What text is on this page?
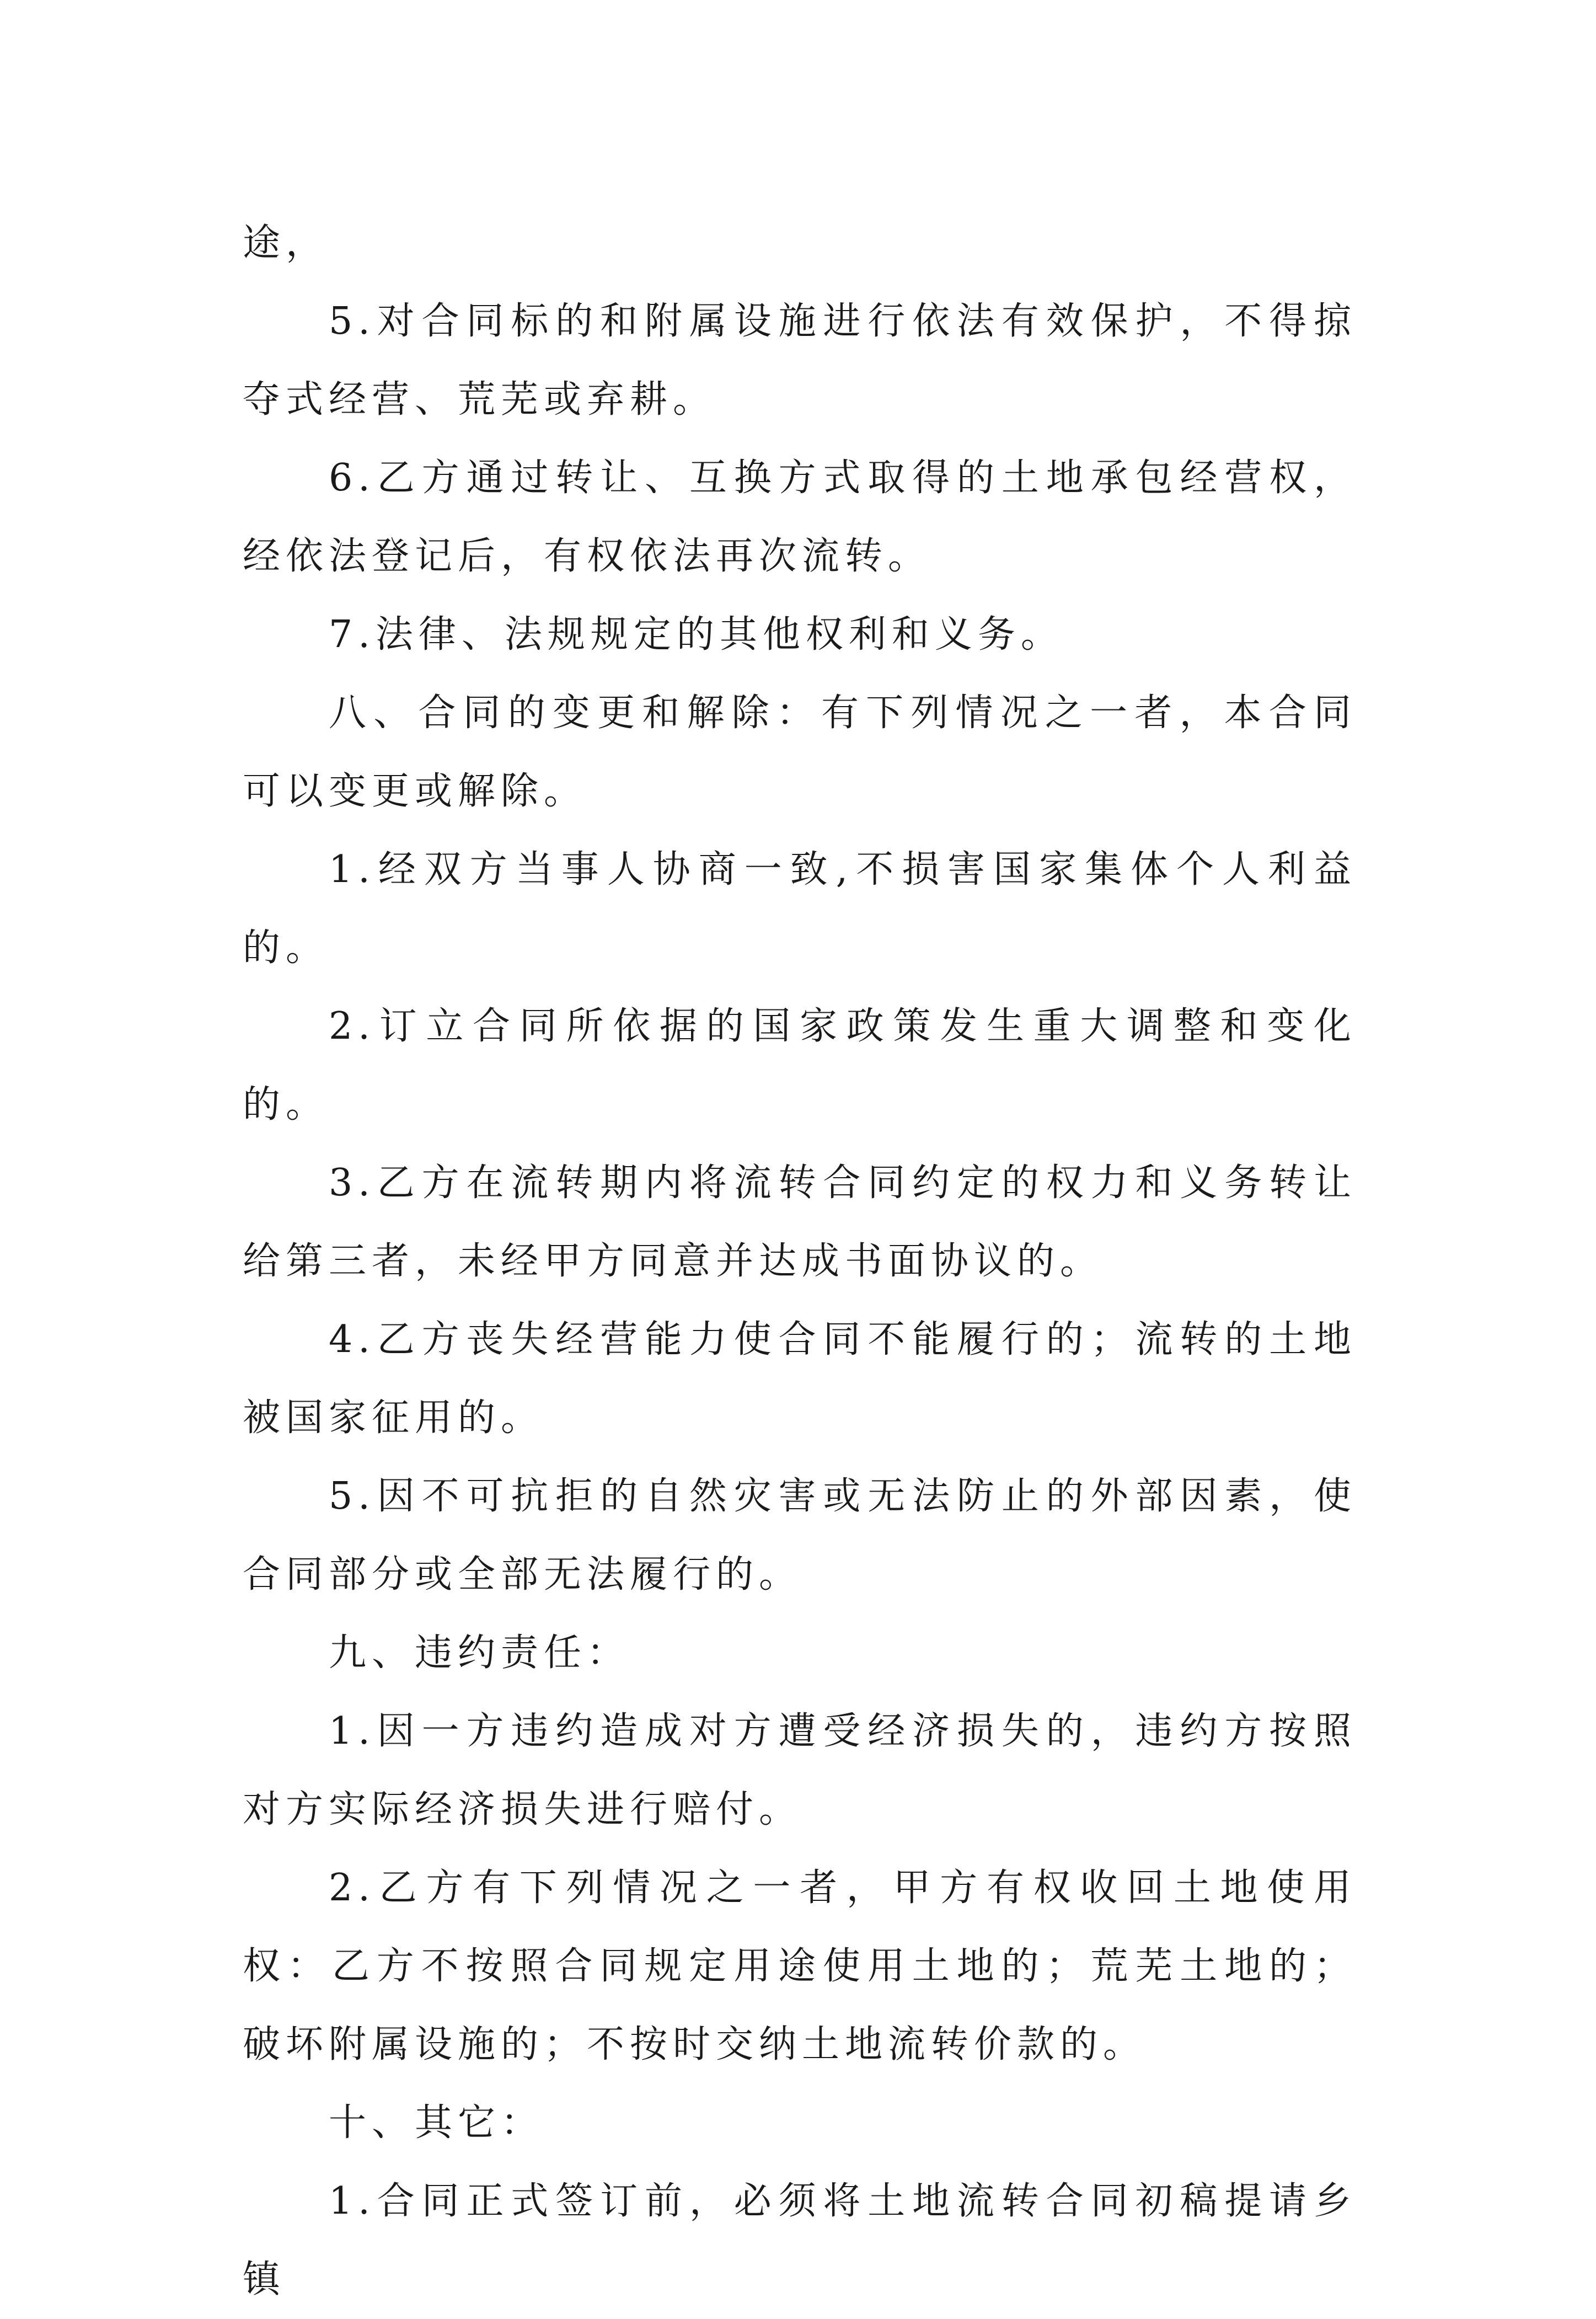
途，

5.对合同标的和附属设施进行依法有效保护，不得掠夺式经营、荒芜或弃耕。

6.乙方通过转让、互换方式取得的土地承包经营权，经依法登记后，有权依法再次流转。

7.法律、法规规定的其他权利和义务。

八、合同的变更和解除：有下列情况之一者，本合同可以变更或解除。

1.经双方当事人协商一致,不损害国家集体个人利益的。

2.订立合同所依据的国家政策发生重大调整和变化的。

3.乙方在流转期内将流转合同约定的权力和义务转让给第三者，未经甲方同意并达成书面协议的。

4.乙方丧失经营能力使合同不能履行的；流转的土地被国家征用的。

5.因不可抗拒的自然灾害或无法防止的外部因素，使合同部分或全部无法履行的。

九、违约责任：

1.因一方违约造成对方遭受经济损失的，违约方按照对方实际经济损失进行赔付。

2.乙方有下列情况之一者，甲方有权收回土地使用权：乙方不按照合同规定用途使用土地的；荒芜土地的；破坏附属设施的；不按时交纳土地流转价款的。

十、其它：

1.合同正式签订前，必须将土地流转合同初稿提请乡镇
